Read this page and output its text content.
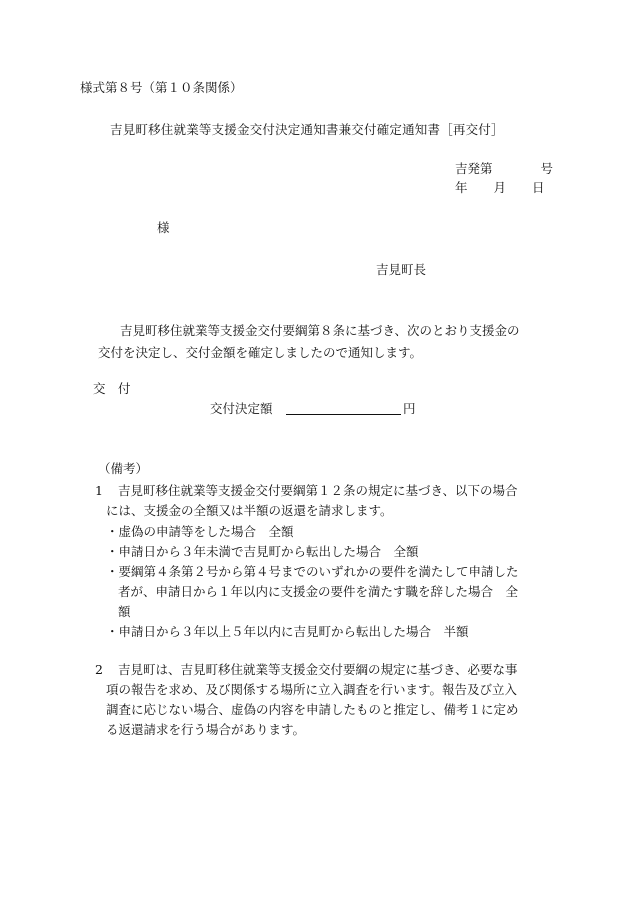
様式第８号（第１０条関係）
吉見町移住就業等支援金交付決定通知書兼交付確定通知書［再交付］
吉発第	号
年 月 日
様
吉見町長
吉見町移住就業等支援金交付要綱第８条に基づき、次のとおり支援金の
交付を決定し、交付金額を確定しましたので通知します。
交　付
交付決定額	円
（備考）
1 吉見町移住就業等支援金交付要綱第１２条の規定に基づき、以下の場合
には、支援金の全額又は半額の返還を請求します。
・虚偽の申請等をした場合　全額
・申請日から３年未満で吉見町から転出した場合　全額
・要綱第４条第２号から第４号までのいずれかの要件を満たして申請した
者が、申請日から１年以内に支援金の要件を満たす職を辞した場合　全
額
・申請日から３年以上５年以内に吉見町から転出した場合　半額
2 吉見町は、吉見町移住就業等支援金交付要綱の規定に基づき、必要な事
項の報告を求め、及び関係する場所に立入調査を行います。報告及び立入
調査に応じない場合、虚偽の内容を申請したものと推定し、備考１に定め
る返還請求を行う場合があります。
